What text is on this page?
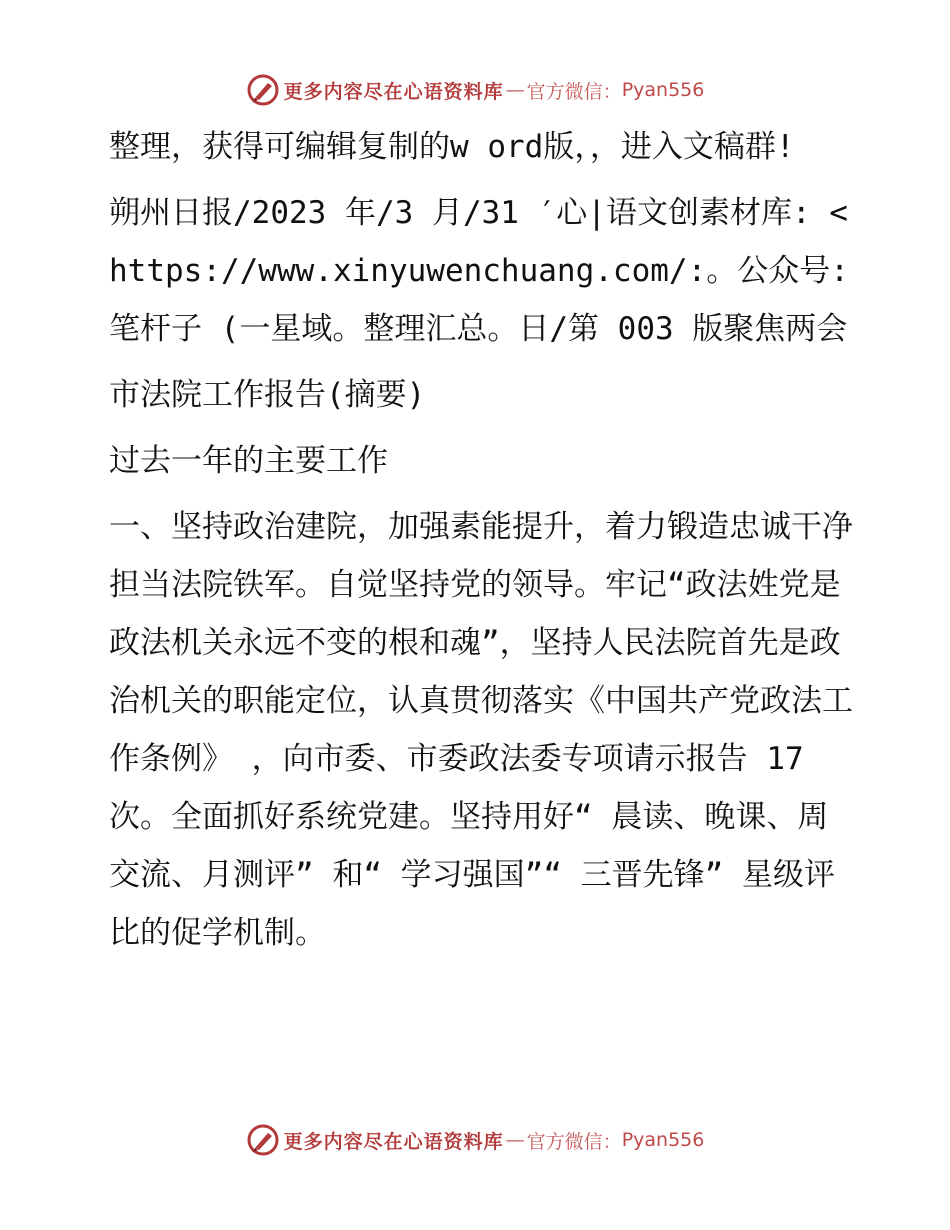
更多内容尽在心语资料库 — 官方微信： Pyan556

整理，获得可编辑复制的w ord版，，进入文稿群!

朔州日报/2023 年/3 月/31 ′心|语文创素材库: <https://www.xinyuwenchuang.com/:。公众号: 笔杆子 (一星域。整理汇总。日/第 003 版聚焦两会

市法院工作报告(摘要)

过去一年的主要工作

一、坚持政治建院，加强素能提升，着力锻造忠诚干净担当法院铁军。自觉坚持党的领导。牢记“政法姓党是政法机关永远不变的根和魂”，坚持人民法院首先是政治机关的职能定位，认真贯彻落实《中国共产党政法工作条例》 ，向市委、市委政法委专项请示报告 17 次。全面抓好系统党建。坚持用好“ 晨读、晚课、周交流、月测评” 和“ 学习强国”“ 三晋先锋” 星级评比的促学机制。

更多内容尽在心语资料库 — 官方微信： Pyan556
